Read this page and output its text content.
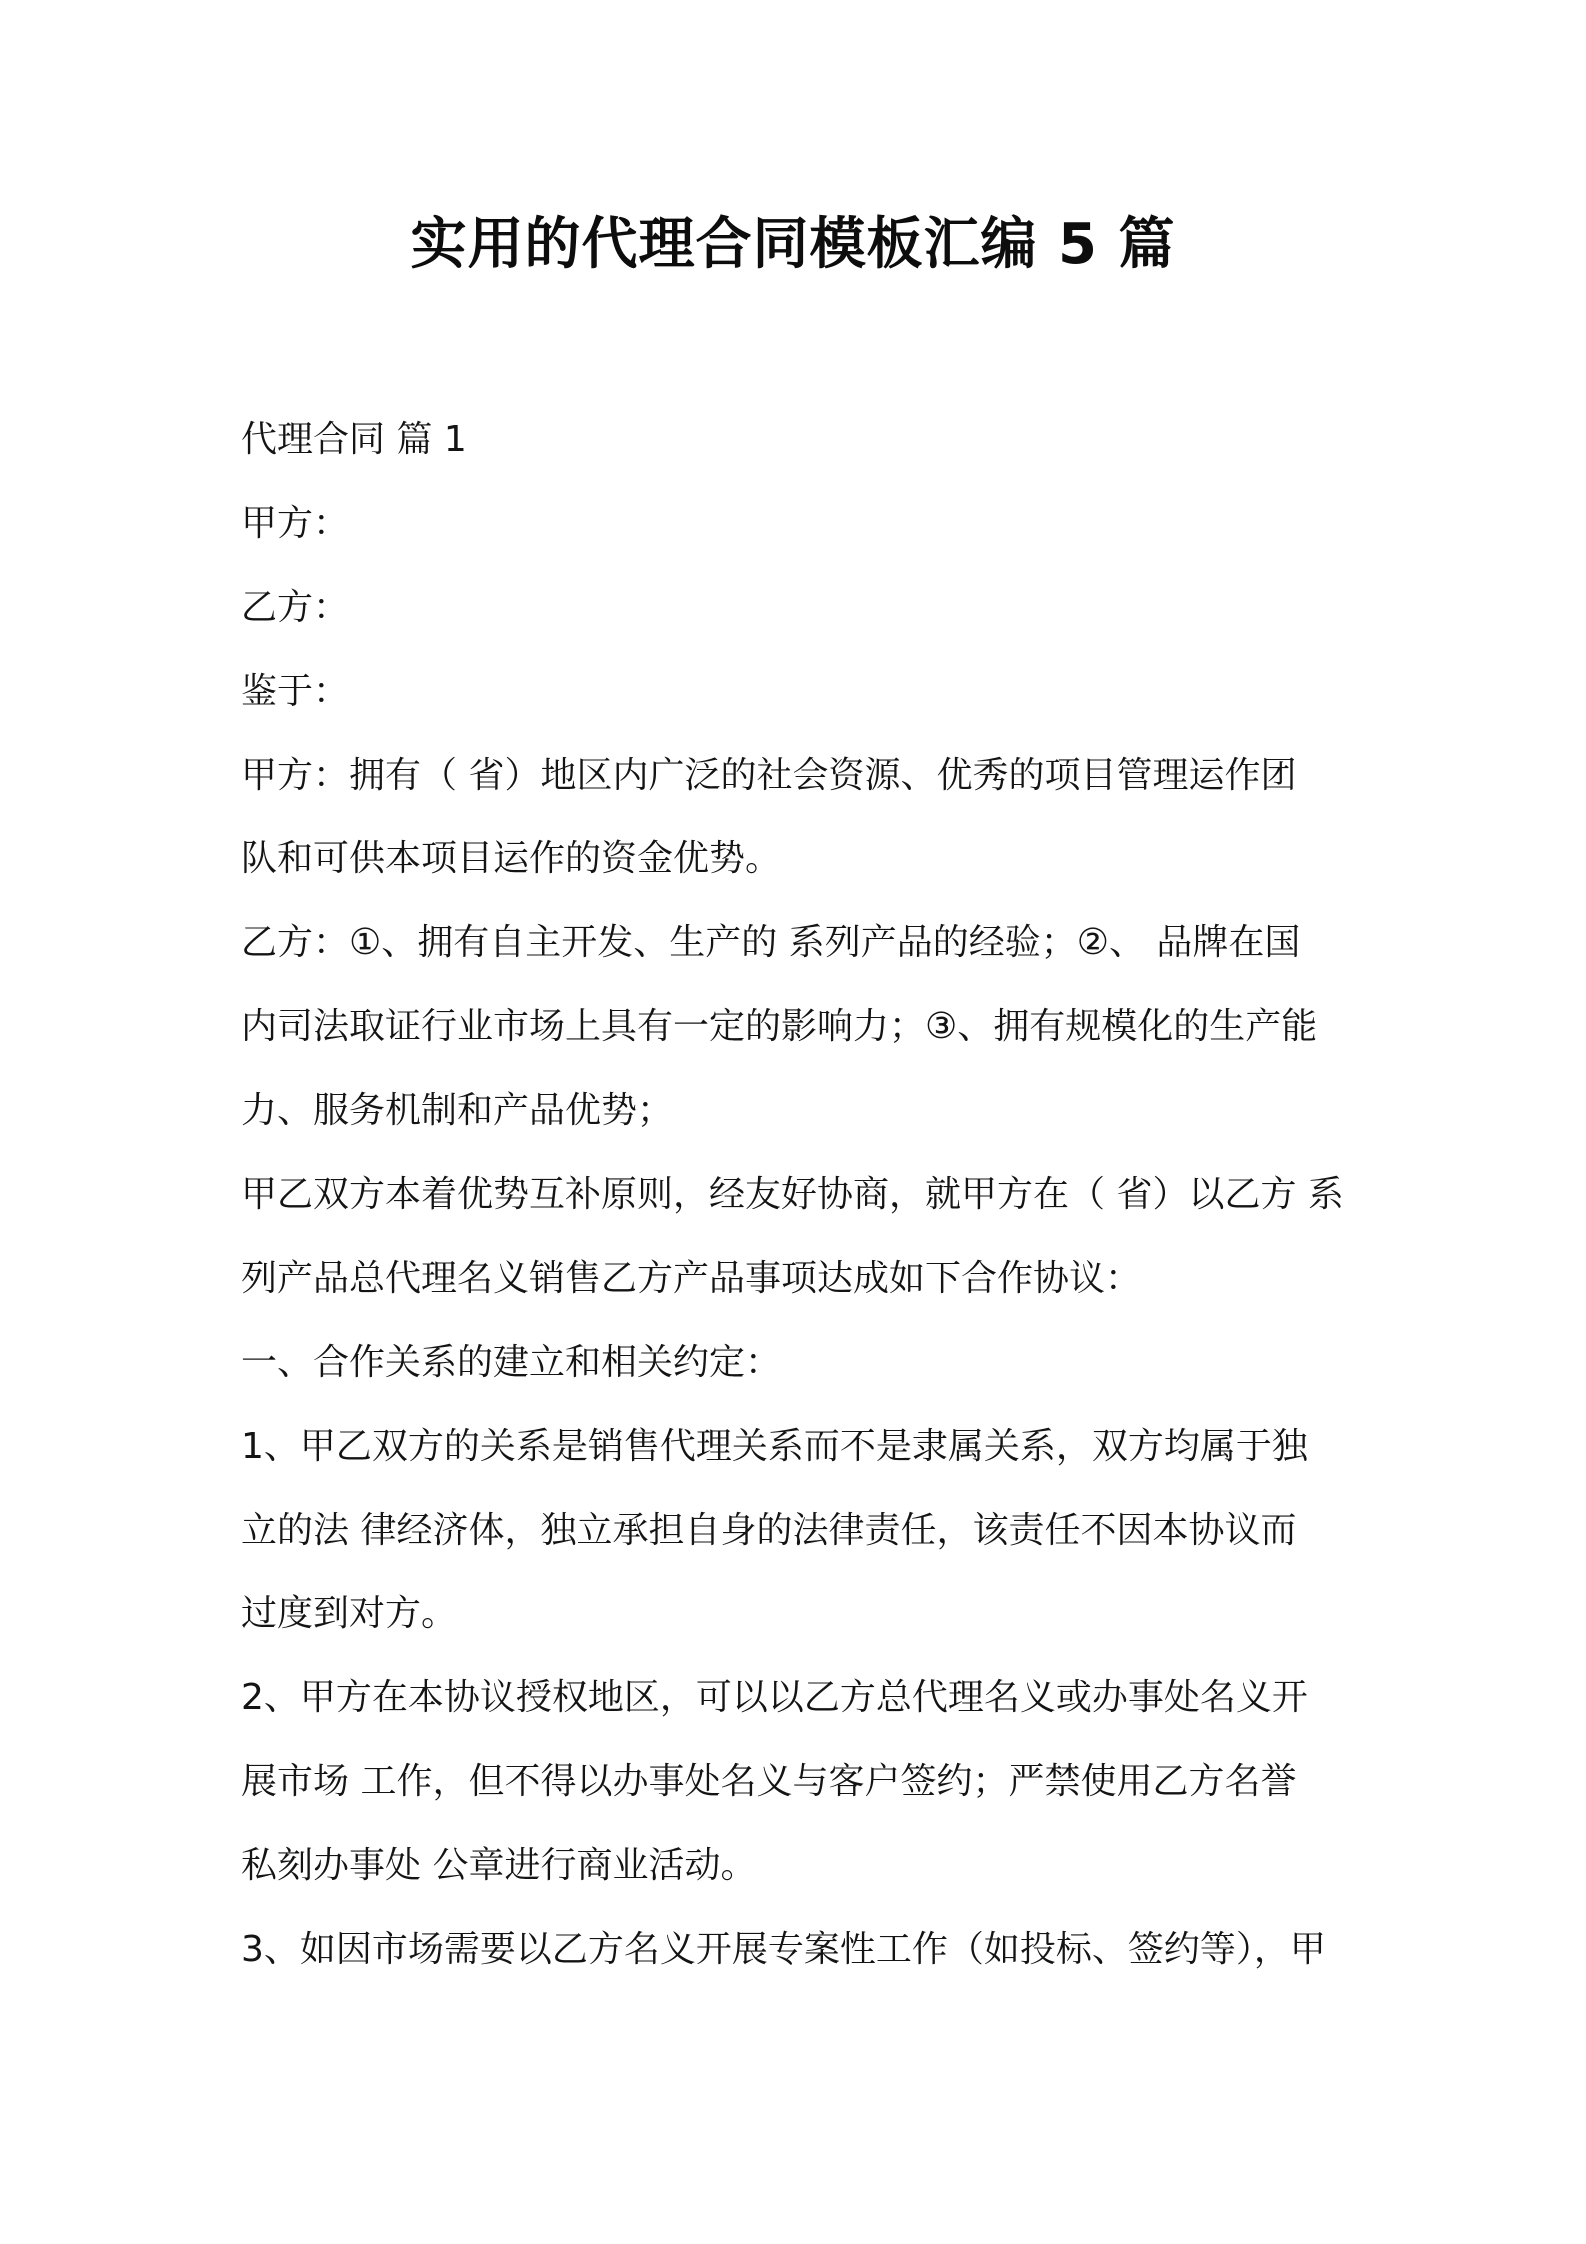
实用的代理合同模板汇编 5 篇
代理合同 篇 1
甲方：
乙方：
鉴于：
甲方：拥有（ 省）地区内广泛的社会资源、优秀的项目管理运作团
队和可供本项目运作的资金优势。
乙方：①、拥有自主开发、生产的 系列产品的经验；②、 品牌在国
内司法取证行业市场上具有一定的影响力；③、拥有规模化的生产能
力、服务机制和产品优势；
甲乙双方本着优势互补原则，经友好协商，就甲方在（ 省）以乙方 系
列产品总代理名义销售乙方产品事项达成如下合作协议：
一、合作关系的建立和相关约定：
1、甲乙双方的关系是销售代理关系而不是隶属关系，双方均属于独
立的法 律经济体，独立承担自身的法律责任，该责任不因本协议而
过度到对方。
2、甲方在本协议授权地区，可以以乙方总代理名义或办事处名义开
展市场 工作，但不得以办事处名义与客户签约；严禁使用乙方名誉
私刻办事处 公章进行商业活动。
3、如因市场需要以乙方名义开展专案性工作（如投标、签约等），甲
